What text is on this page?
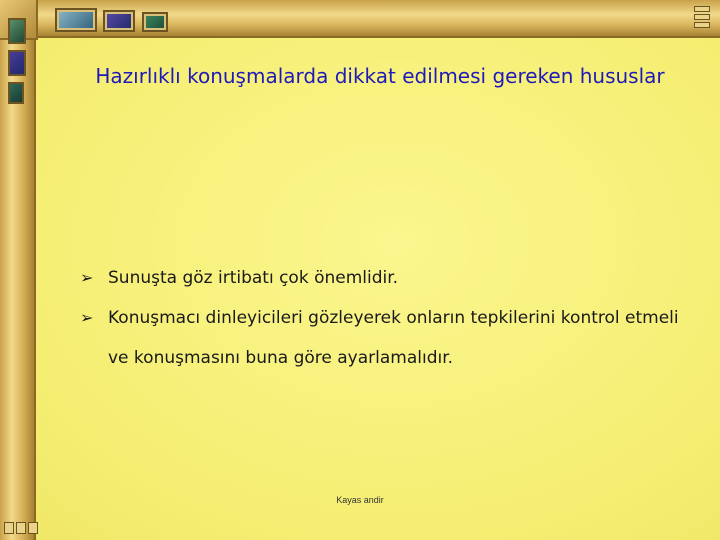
Hazırlıklı konuşmalarda dikkat edilmesi gereken hususlar
➢ Sunuşta göz irtibatı çok önemlidir.
➢ Konuşmacı dinleyicileri gözleyerek onların tepkilerini kontrol etmeli ve konuşmasını buna göre ayarlamalıdır.
Kayas andir
